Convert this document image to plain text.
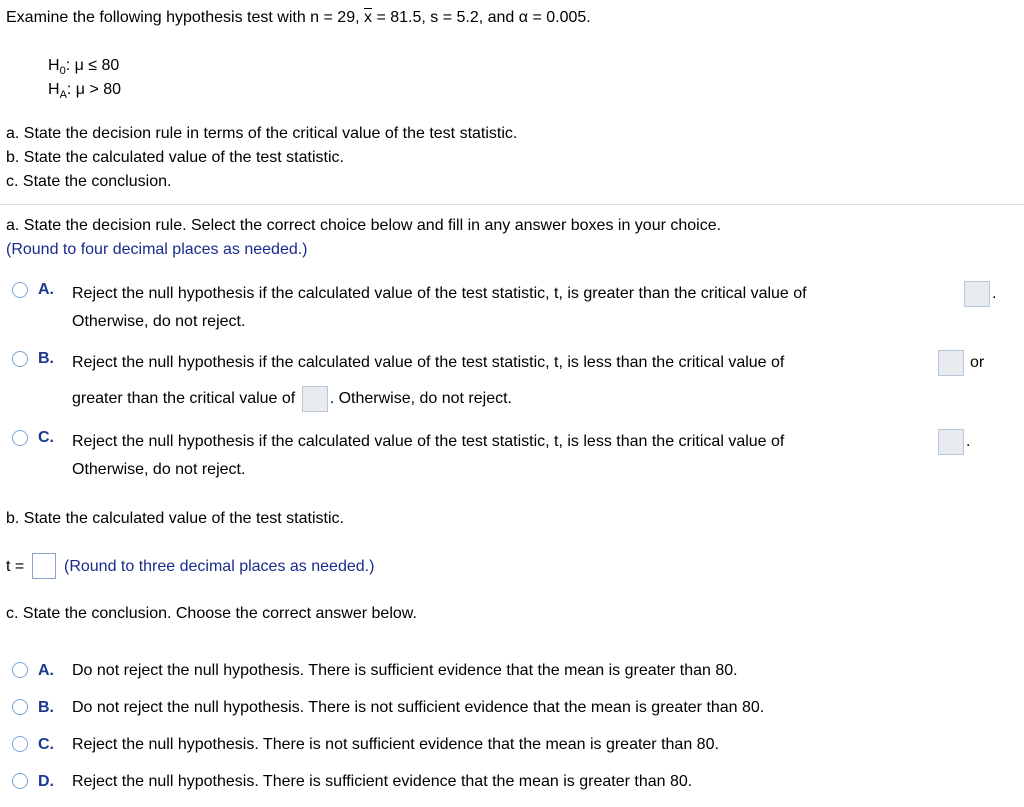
Examine the following hypothesis test with n = 29, $\overline{x} = 81.5$, s = 5.2, and α = 0.005.
$H_0$: μ ≤ 80
$H_A$: μ > 80
a. State the decision rule in terms of the critical value of the test statistic.
b. State the calculated value of the test statistic.
c. State the conclusion.
a. State the decision rule. Select the correct choice below and fill in any answer boxes in your choice.
(Round to four decimal places as needed.)
A. Reject the null hypothesis if the calculated value of the test statistic, t, is greater than the critical value of	.
Otherwise, do not reject.
B. Reject the null hypothesis if the calculated value of the test statistic, t, is less than the critical value of	or
greater than the critical value of . Otherwise, do not reject.
C. Reject the null hypothesis if the calculated value of the test statistic, t, is less than the critical value of	.
Otherwise, do not reject.
b. State the calculated value of the test statistic.
t = (Round to three decimal places as needed.)
c. State the conclusion. Choose the correct answer below.
A. Do not reject the null hypothesis. There is sufficient evidence that the mean is greater than 80.
B. Do not reject the null hypothesis. There is not sufficient evidence that the mean is greater than 80.
C. Reject the null hypothesis. There is not sufficient evidence that the mean is greater than 80.
D. Reject the null hypothesis. There is sufficient evidence that the mean is greater than 80.
